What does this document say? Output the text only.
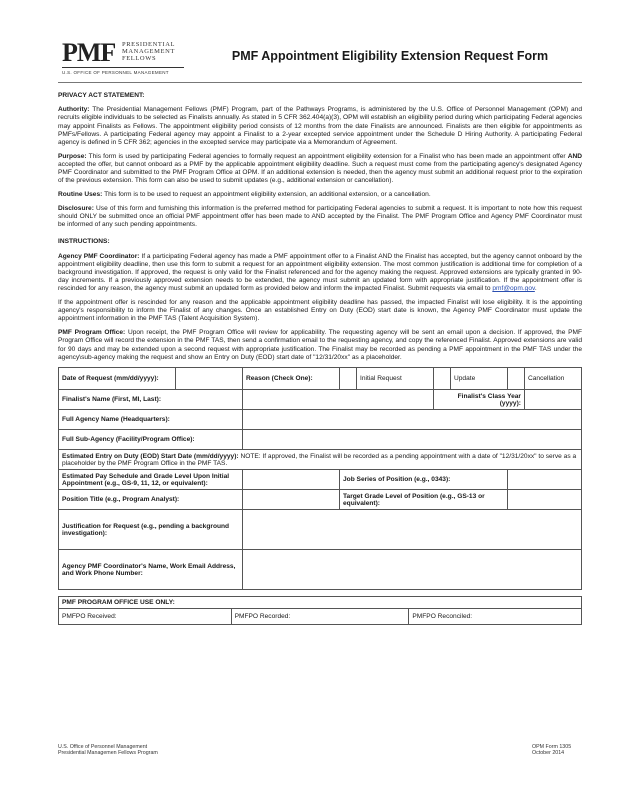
PMF PRESIDENTIAL
MANAGEMENT
FELLOWS
U.S. OFFICE OF PERSONNEL MANAGEMENT
PMF Appointment Eligibility Extension Request Form
PRIVACY ACT STATEMENT:

Authority: The Presidential Management Fellows (PMF) Program, part of the Pathways Programs, is administered by the U.S. Office of Personnel Management (OPM) and recruits eligible individuals to be selected as Finalists annually. As stated in 5 CFR 362.404(a)(3), OPM will establish an eligibility period during which participating Federal agencies may appoint Finalists as Fellows. The appointment eligibility period consists of 12 months from the date Finalists are announced. Finalists are then eligible for appointments as PMFs/Fellows. A participating Federal agency may appoint a Finalist to a 2-year excepted service appointment under the Schedule D Hiring Authority. A participating Federal agency is defined in 5 CFR 362; agencies in the excepted service may participate via a Memorandum of Agreement.

Purpose: This form is used by participating Federal agencies to formally request an appointment eligibility extension for a Finalist who has been made an appointment offer AND accepted the offer, but cannot onboard as a PMF by the applicable appointment eligibility deadline. Such a request must come from the participating agency's designated Agency PMF Coordinator and submitted to the PMF Program Office at OPM. If an additional extension is needed, then the agency must submit an additional request prior to the expiration of the previous extension. This form can also be used to submit updates (e.g., additional extension or cancellation).

Routine Uses: This form is to be used to request an appointment eligibility extension, an additional extension, or a cancellation.

Disclosure: Use of this form and furnishing this information is the preferred method for participating Federal agencies to submit a request. It is important to note how this request should ONLY be submitted once an official PMF appointment offer has been made to AND accepted by the Finalist. The PMF Program Office and Agency PMF Coordinator must be informed of any such pending appointments.

INSTRUCTIONS:

Agency PMF Coordinator: If a participating Federal agency has made a PMF appointment offer to a Finalist AND the Finalist has accepted, but the agency cannot onboard by the appointment eligibility deadline, then use this form to submit a request for an appointment eligibility extension. The most common justification is additional time for completion of a background investigation. If approved, the request is only valid for the Finalist referenced and for the agency making the request. Approved extensions are typically granted in 90-day increments. If a previously approved extension needs to be extended, the agency must submit an updated form with appropriate justification. If the appointment offer is rescinded for any reason, the agency must submit an updated form as provided below and inform the impacted Finalist. Submit requests via email to pmf@opm.gov.

If the appointment offer is rescinded for any reason and the applicable appointment eligibility deadline has passed, the impacted Finalist will lose eligibility. It is the appointing agency's responsibility to inform the Finalist of any changes. Once an established Entry on Duty (EOD) start date is known, the Agency PMF Coordinator must update the appointment information in the PMF TAS (Talent Acquisition System).

PMF Program Office: Upon receipt, the PMF Program Office will review for applicability. The requesting agency will be sent an email upon a decision. If approved, the PMF Program Office will record the extension in the PMF TAS, then send a confirmation email to the requesting agency, and copy the referenced Finalist. Approved extensions are valid for 90 days and may be extended upon a second request with appropriate justification. The Finalist may be recorded as pending a PMF appointment in the PMF TAS under the agency\sub-agency making the request and show an Entry on Duty (EOD) start date of "12/31/20xx" as a placeholder.

Date of Request (mm/dd/yyyy):		Reason (Check One):		Initial Request		Update		Cancellation
Finalist's Name (First, MI, Last):					Finalist's Class Year (yyyy):			
Full Agency Name (Headquarters):								
Full Sub-Agency (Facility/Program Office):								
Estimated Entry on Duty (EOD) Start Date (mm/dd/yyyy): NOTE: If approved, the Finalist will be recorded as a pending appointment with a date of "12/31/20xx" to serve as a placeholder by the PMF Program Office in the PMF TAS.								
Estimated Pay Schedule and Grade Level Upon Initial Appointment (e.g., GS-9, 11, 12, or equivalent):			Job Series of Position (e.g., 0343):					
Position Title (e.g., Program Analyst):			Target Grade Level of Position (e.g., GS-13 or equivalent):					
Justification for Request (e.g., pending a background investigation):								
Agency PMF Coordinator's Name, Work Email Address, and Work Phone Number:								
PMF PROGRAM OFFICE USE ONLY:
PMFPO Received:	PMFPO Recorded:	PMFPO Reconciled:
U.S. Office of Personnel Management
Presidential Managemen Fellows Program
OPM Form 1305
October 2014
